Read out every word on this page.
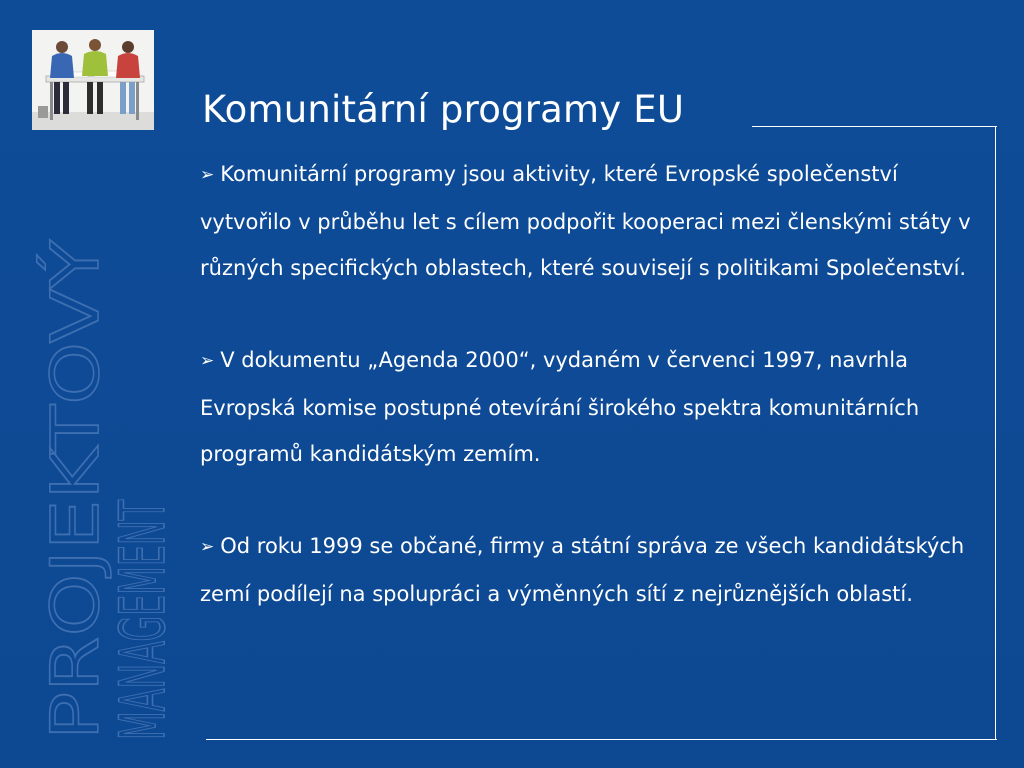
PROJEKTOVÝ
MANAGEMENT
Komunitární programy EU

➢ Komunitární programy jsou aktivity, které Evropské společenství vytvořilo v průběhu let s cílem podpořit kooperaci mezi členskými státy v různých specifických oblastech, které souvisejí s politikami Společenství.

➢ V dokumentu „Agenda 2000“, vydaném v červenci 1997, navrhla Evropská komise postupné otevírání širokého spektra komunitárních programů kandidátským zemím.

➢ Od roku 1999 se občané, firmy a státní správa ze všech kandidátských zemí podílejí na spolupráci a výměnných sítí z nejrůznějších oblastí.
